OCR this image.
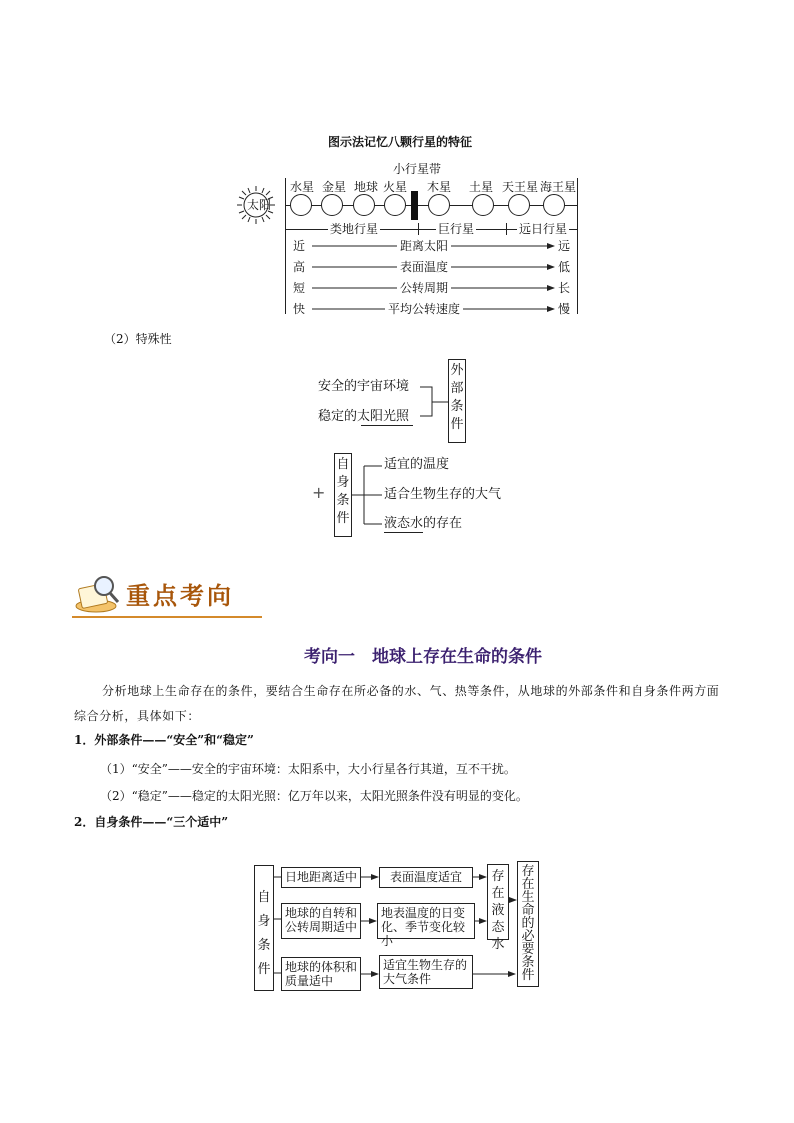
图示法记忆八颗行星的特征
小行星带
太阳
水星 金星 地球 火星 木星 土星 天王星 海王星
类地行星	巨行星	远日行星
近	距离太阳	远
高	表面温度	低
短	公转周期	长
快	平均公转速度	慢
（2）特殊性
安全的宇宙环境
稳定的太阳光照
外部条件
+
自身条件
适宜的温度
适合生物生存的大气
液态水的存在
重点考向
考向一　地球上存在生命的条件
分析地球上生命存在的条件，要结合生命存在所必备的水、气、热等条件，从地球的外部条件和自身条件两方面综合分析，具体如下：
1．外部条件——“安全”和“稳定”
（1）“安全”——安全的宇宙环境：太阳系中，大小行星各行其道，互不干扰。
（2）“稳定”——稳定的太阳光照：亿万年以来，太阳光照条件没有明显的变化。
2．自身条件——“三个适中”
自身条件
日地距离适中
地球的自转和公转周期适中
地球的体积和质量适中
表面温度适宜
地表温度的日变化、季节变化较小
适宜生物生存的大气条件
存在液态水
存在生命的必要条件
